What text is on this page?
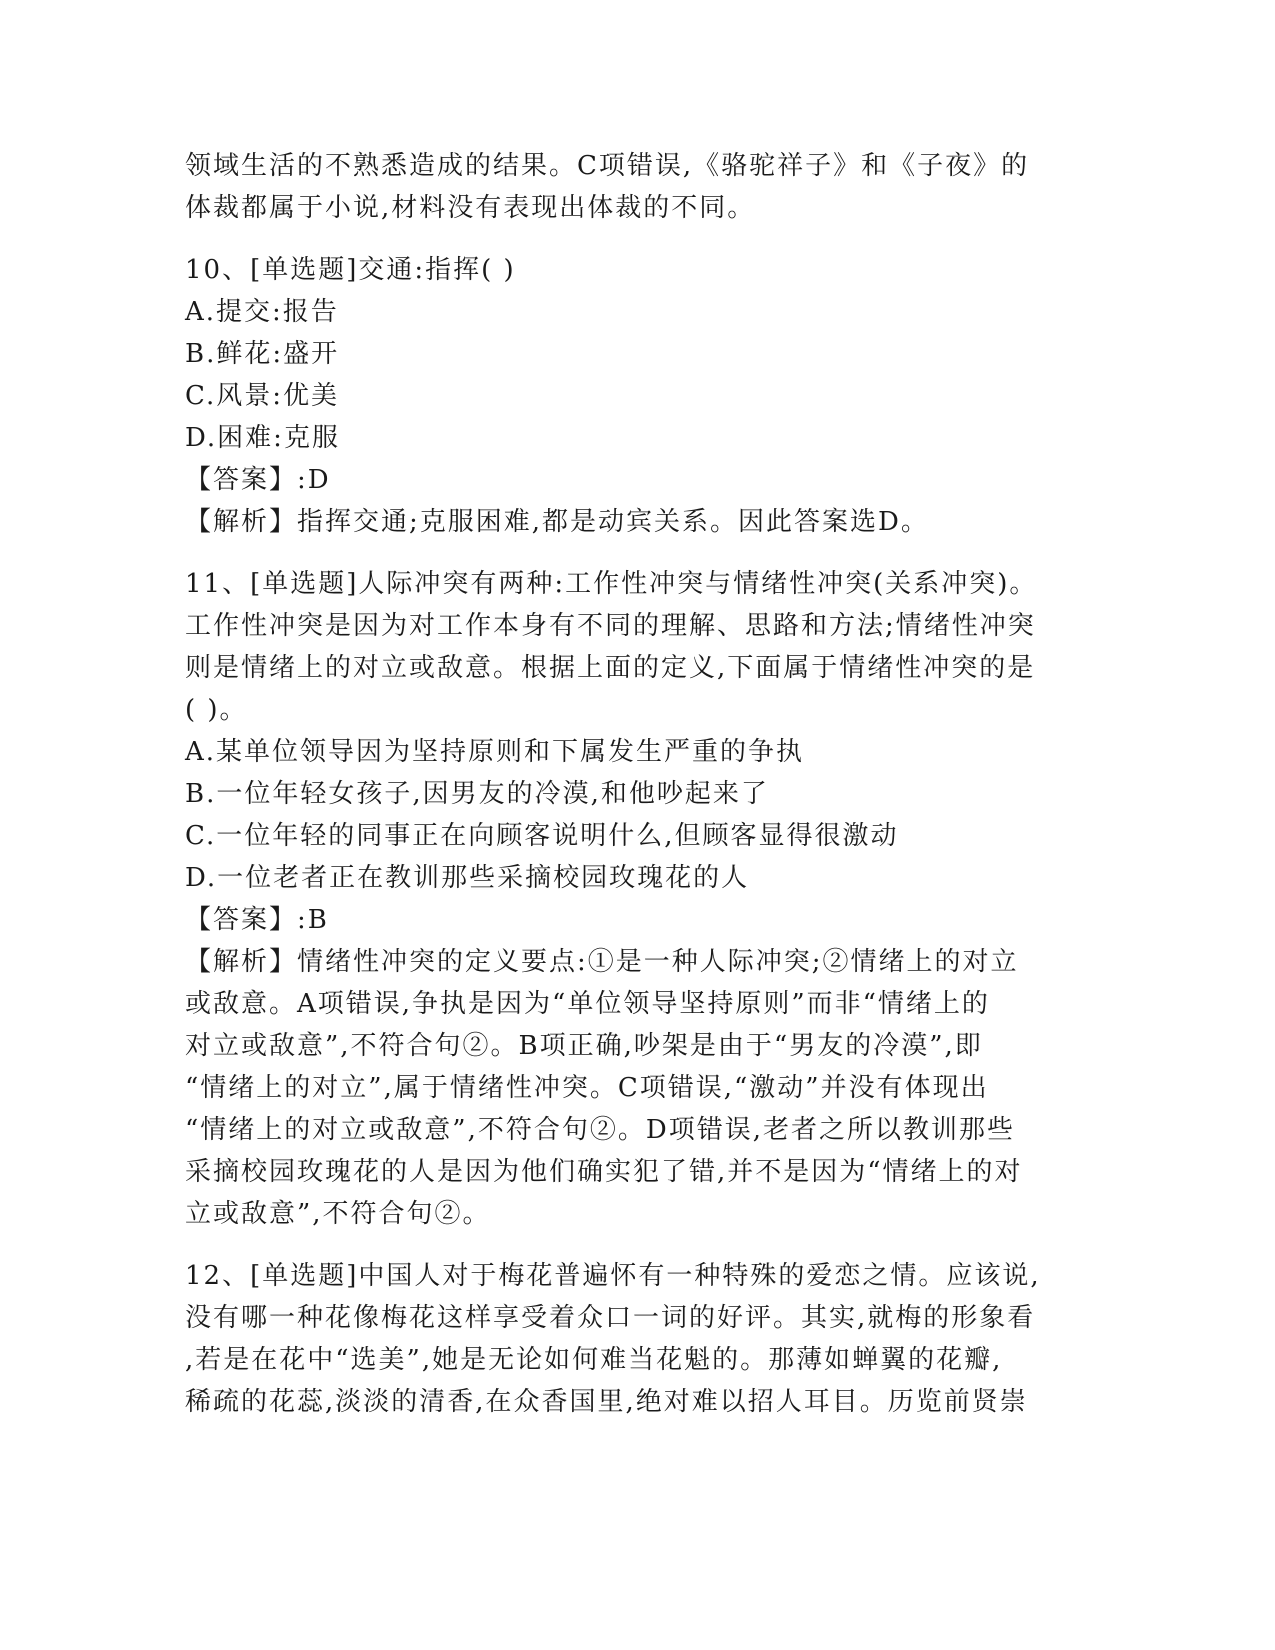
领域生活的不熟悉造成的结果。C项错误,《骆驼祥子》和《子夜》的
体裁都属于小说,材料没有表现出体裁的不同。
10、[单选题]交通:指挥( )
A.提交:报告
B.鲜花:盛开
C.风景:优美
D.困难:克服
【答案】:D
【解析】指挥交通;克服困难,都是动宾关系。因此答案选D。
11、[单选题]人际冲突有两种:工作性冲突与情绪性冲突(关系冲突)。
工作性冲突是因为对工作本身有不同的理解、思路和方法;情绪性冲突
则是情绪上的对立或敌意。根据上面的定义,下面属于情绪性冲突的是
( )。
A.某单位领导因为坚持原则和下属发生严重的争执
B.一位年轻女孩子,因男友的冷漠,和他吵起来了
C.一位年轻的同事正在向顾客说明什么,但顾客显得很激动
D.一位老者正在教训那些采摘校园玫瑰花的人
【答案】:B
【解析】情绪性冲突的定义要点:①是一种人际冲突;②情绪上的对立
或敌意。A项错误,争执是因为“单位领导坚持原则”而非“情绪上的
对立或敌意”,不符合句②。B项正确,吵架是由于“男友的冷漠”,即
“情绪上的对立”,属于情绪性冲突。C项错误,“激动”并没有体现出
“情绪上的对立或敌意”,不符合句②。D项错误,老者之所以教训那些
采摘校园玫瑰花的人是因为他们确实犯了错,并不是因为“情绪上的对
立或敌意”,不符合句②。
12、[单选题]中国人对于梅花普遍怀有一种特殊的爱恋之情。应该说,
没有哪一种花像梅花这样享受着众口一词的好评。其实,就梅的形象看
,若是在花中“选美”,她是无论如何难当花魁的。那薄如蝉翼的花瓣,
稀疏的花蕊,淡淡的清香,在众香国里,绝对难以招人耳目。历览前贤崇
